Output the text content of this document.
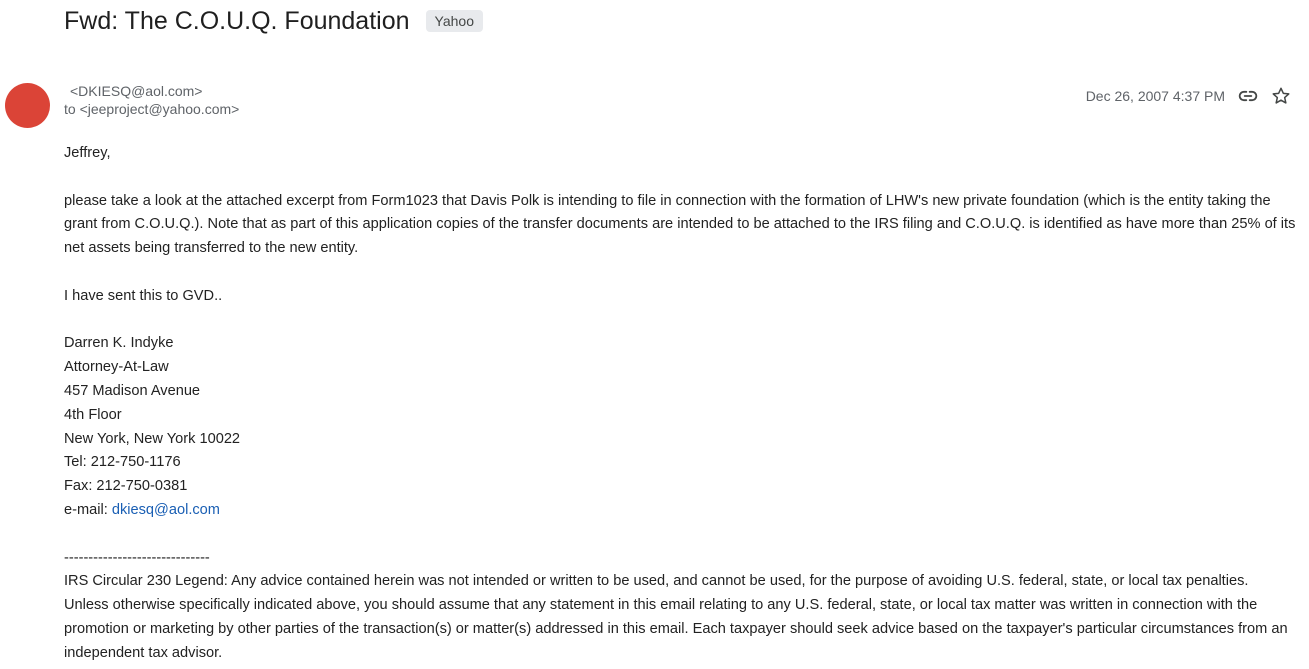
Fwd: The C.O.U.Q. Foundation	Yahoo
<DKIESQ@aol.com>
to <jeeproject@yahoo.com>
Dec 26, 2007 4:37 PM

Jeffrey,

please take a look at the attached excerpt from Form1023 that Davis Polk is intending to file in connection with the formation of LHW's new private foundation (which is the entity taking the grant from C.O.U.Q.). Note that as part of this application copies of the transfer documents are intended to be attached to the IRS filing and C.O.U.Q. is identified as have more than 25% of its net assets being transferred to the new entity.

I have sent this to GVD..

Darren K. Indyke
Attorney-At-Law
457 Madison Avenue
4th Floor
New York, New York 10022
Tel: 212-750-1176
Fax: 212-750-0381
e-mail: dkiesq@aol.com

------------------------------
IRS Circular 230 Legend: Any advice contained herein was not intended or written to be used, and cannot be used, for the purpose of avoiding U.S. federal, state, or local tax penalties. Unless otherwise specifically indicated above, you should assume that any statement in this email relating to any U.S. federal, state, or local tax matter was written in connection with the promotion or marketing by other parties of the transaction(s) or matter(s) addressed in this email. Each taxpayer should seek advice based on the taxpayer's particular circumstances from an independent tax advisor.
